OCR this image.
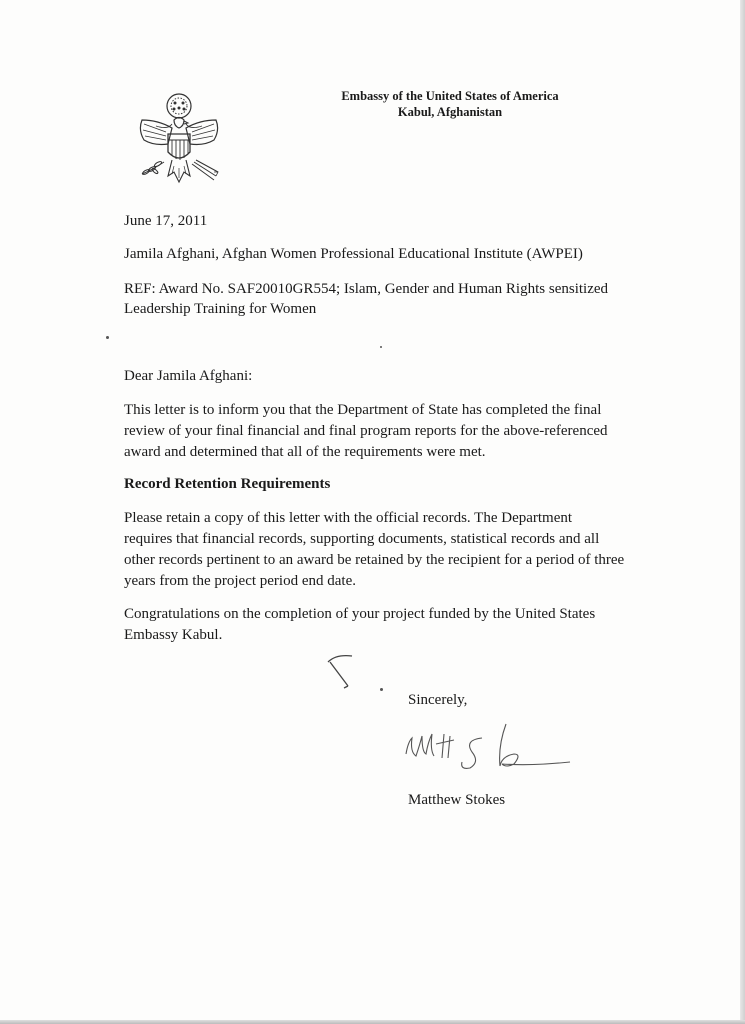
Embassy of the United States of America
Kabul, Afghanistan
June 17, 2011
Jamila Afghani, Afghan Women Professional Educational Institute (AWPEI)
REF: Award No. SAF20010GR554; Islam, Gender and Human Rights sensitized
Leadership Training for Women
Dear Jamila Afghani:
This letter is to inform you that the Department of State has completed the final
review of your final financial and final program reports for the above-referenced
award and determined that all of the requirements were met.
Record Retention Requirements
Please retain a copy of this letter with the official records. The Department
requires that financial records, supporting documents, statistical records and all
other records pertinent to an award be retained by the recipient for a period of three
years from the project period end date.
Congratulations on the completion of your project funded by the United States
Embassy Kabul.
Sincerely,
Matthew Stokes
